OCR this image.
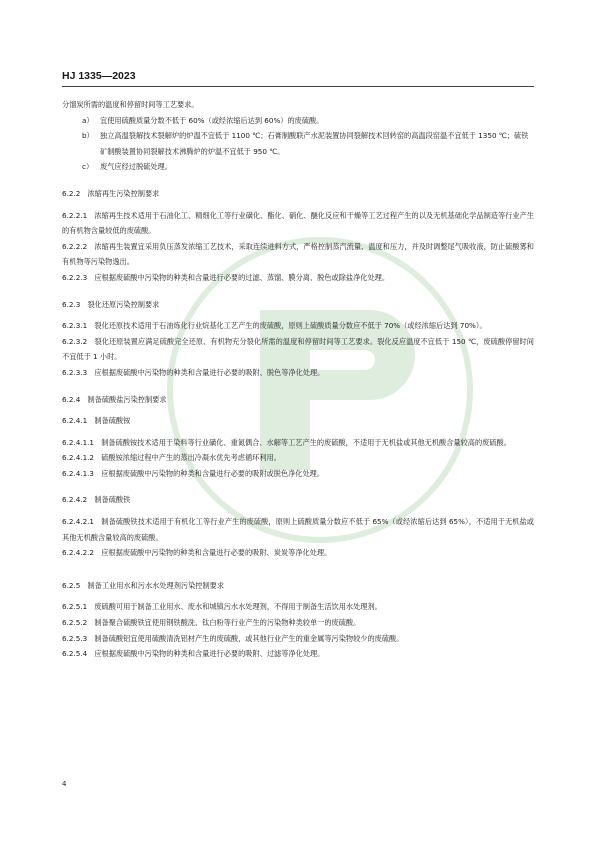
HJ 1335—2023

分馏炭所需的温度和停留时间等工艺要求。

a） 宜使用硫酸质量分数不低于 60%（或经浓缩后达到 60%）的废硫酸。
b） 独立高温裂解技术裂解炉的炉温不宜低于 1100 ℃；石膏制酸联产水泥装置协同裂解技术回转窑的高温段窑温不宜低于 1350 ℃；硫铁矿制酸装置协同裂解技术沸腾炉的炉温不宜低于 950 ℃。
c） 废气应经过脱硫处理。

6.2.2　浓缩再生污染控制要求

6.2.2.1　浓缩再生技术适用于石油化工、精细化工等行业磺化、酯化、硝化、醚化反应和干燥等工艺过程产生的以及无机基础化学品制造等行业产生的有机物含量较低的废硫酸。

6.2.2.2　浓缩再生装置宜采用负压蒸发浓缩工艺技术，采取连续进料方式，严格控制蒸汽流量、温度和压力，并及时调整尾气吸收液，防止硫酸雾和有机物等污染物逸出。

6.2.2.3　应根据废硫酸中污染物的种类和含量进行必要的过滤、蒸馏、膜分离、脱色或除盐净化处理。

6.2.3　裂化还原污染控制要求

6.2.3.1　裂化还原技术适用于石油炼化行业烷基化工艺产生的废硫酸，原则上硫酸质量分数应不低于 70%（或经浓缩后达到 70%）。

6.2.3.2　裂化还原装置应满足硫酸完全还原、有机物充分裂化所需的温度和停留时间等工艺要求。裂化反应温度不宜低于 150 ℃，废硫酸停留时间不宜低于 1 小时。

6.2.3.3　应根据废硫酸中污染物的种类和含量进行必要的吸附、脱色等净化处理。

6.2.4　制备硫酸盐污染控制要求

6.2.4.1　制备硫酸铵

6.2.4.1.1　制备硫酸铵技术适用于染料等行业磺化、重氮偶合、水解等工艺产生的废硫酸，不适用于无机盐或其他无机酸含量较高的废硫酸。

6.2.4.1.2　硫酸铵浓缩过程中产生的蒸出冷凝水优先考虑循环利用。

6.2.4.1.3　应根据废硫酸中污染物的种类和含量进行必要的吸附或脱色净化处理。

6.2.4.2　制备硫酸铁

6.2.4.2.1　制备硫酸铁技术适用于有机化工等行业产生的废硫酸，原则上硫酸质量分数应不低于 65%（或经浓缩后达到 65%），不适用于无机盐或其他无机酸含量较高的废硫酸。

6.2.4.2.2　应根据废硫酸中污染物的种类和含量进行必要的吸附、炭炭等净化处理。

6.2.5　制备工业用水和污水水处理剂污染控制要求

6.2.5.1　废硫酸可用于制备工业用水、废水和城镇污水水处理剂，不得用于制备生活饮用水处理剂。

6.2.5.2　制备聚合硫酸铁宜使用钢铁酸洗、钛白粉等行业产生的污染物种类较单一的废硫酸。

6.2.5.3　制备硫酸铝宜使用硫酸清洗铝材产生的废硫酸，或其他行业产生的重金属等污染物较少的废硫酸。

6.2.5.4　应根据废硫酸中污染物的种类和含量进行必要的吸附、过滤等净化处理。

4
